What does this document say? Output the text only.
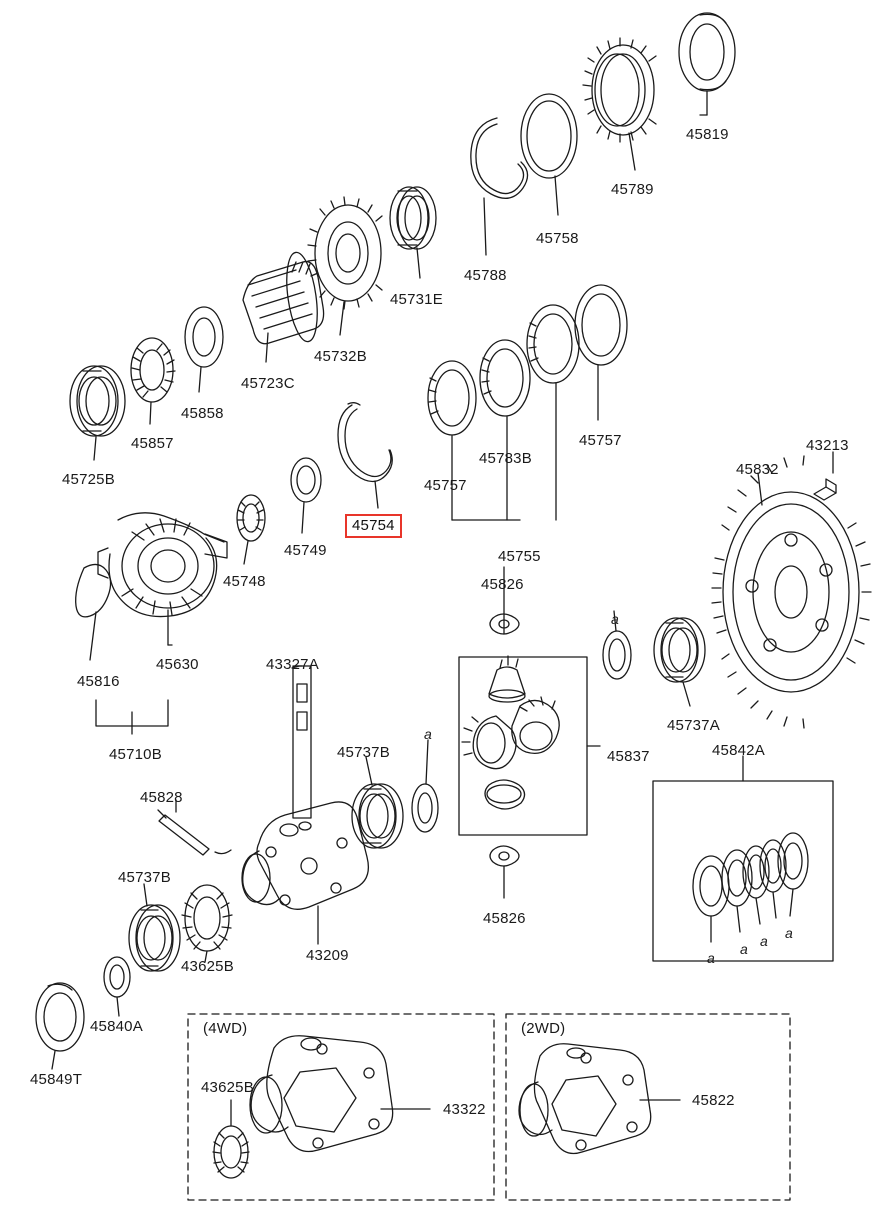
45819
45789
45758
45788
45731E
45732B
45723C
45858
45857
45725B	45757
45783B
45757	43213
45832
45754
45749
45748
45755
45826
a
45816
45630	43327A
45737A
45842A
45710B	45737B
a
45837
45828
45737B
45826
a
a a a
43625B
43209
45840A
45849T	43625B
43322
45822
(4WD)	(2WD)
